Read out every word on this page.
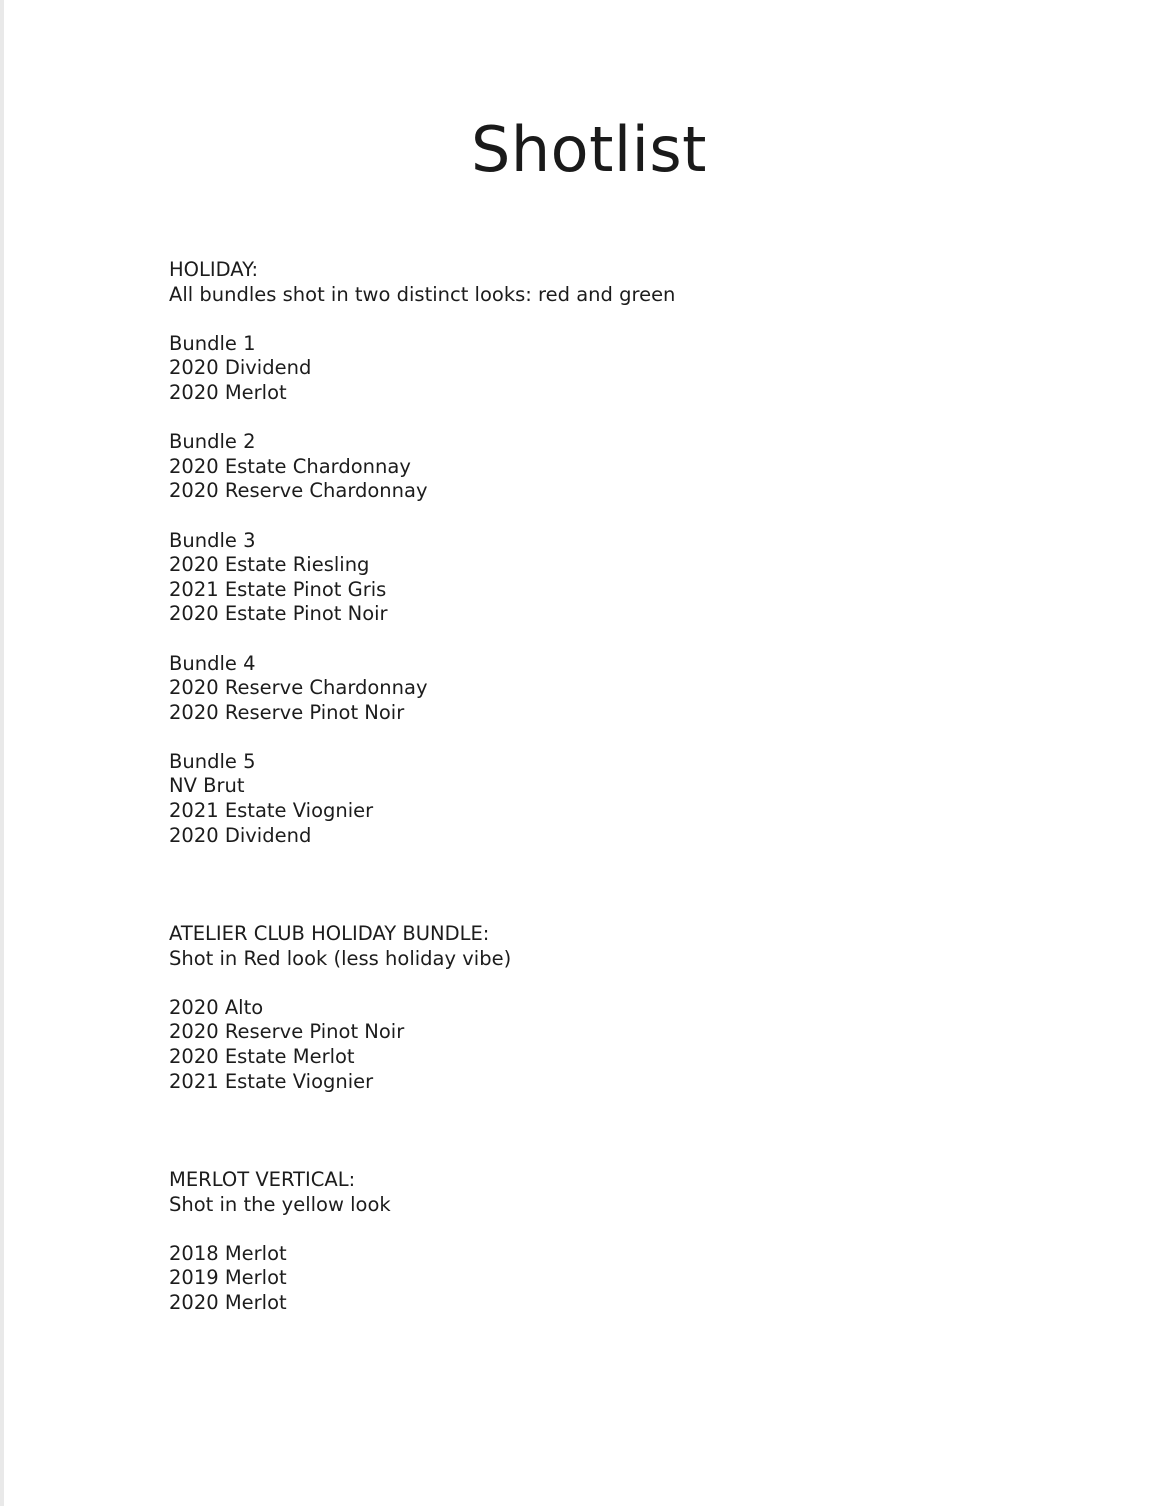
Shotlist
HOLIDAY:
All bundles shot in two distinct looks: red and green
Bundle 1
2020 Dividend
2020 Merlot
Bundle 2
2020 Estate Chardonnay
2020 Reserve Chardonnay
Bundle 3
2020 Estate Riesling
2021 Estate Pinot Gris
2020 Estate Pinot Noir
Bundle 4
2020 Reserve Chardonnay
2020 Reserve Pinot Noir
Bundle 5
NV Brut
2021 Estate Viognier
2020 Dividend
ATELIER CLUB HOLIDAY BUNDLE:
Shot in Red look (less holiday vibe)
2020 Alto
2020 Reserve Pinot Noir
2020 Estate Merlot
2021 Estate Viognier
MERLOT VERTICAL:
Shot in the yellow look
2018 Merlot
2019 Merlot
2020 Merlot
